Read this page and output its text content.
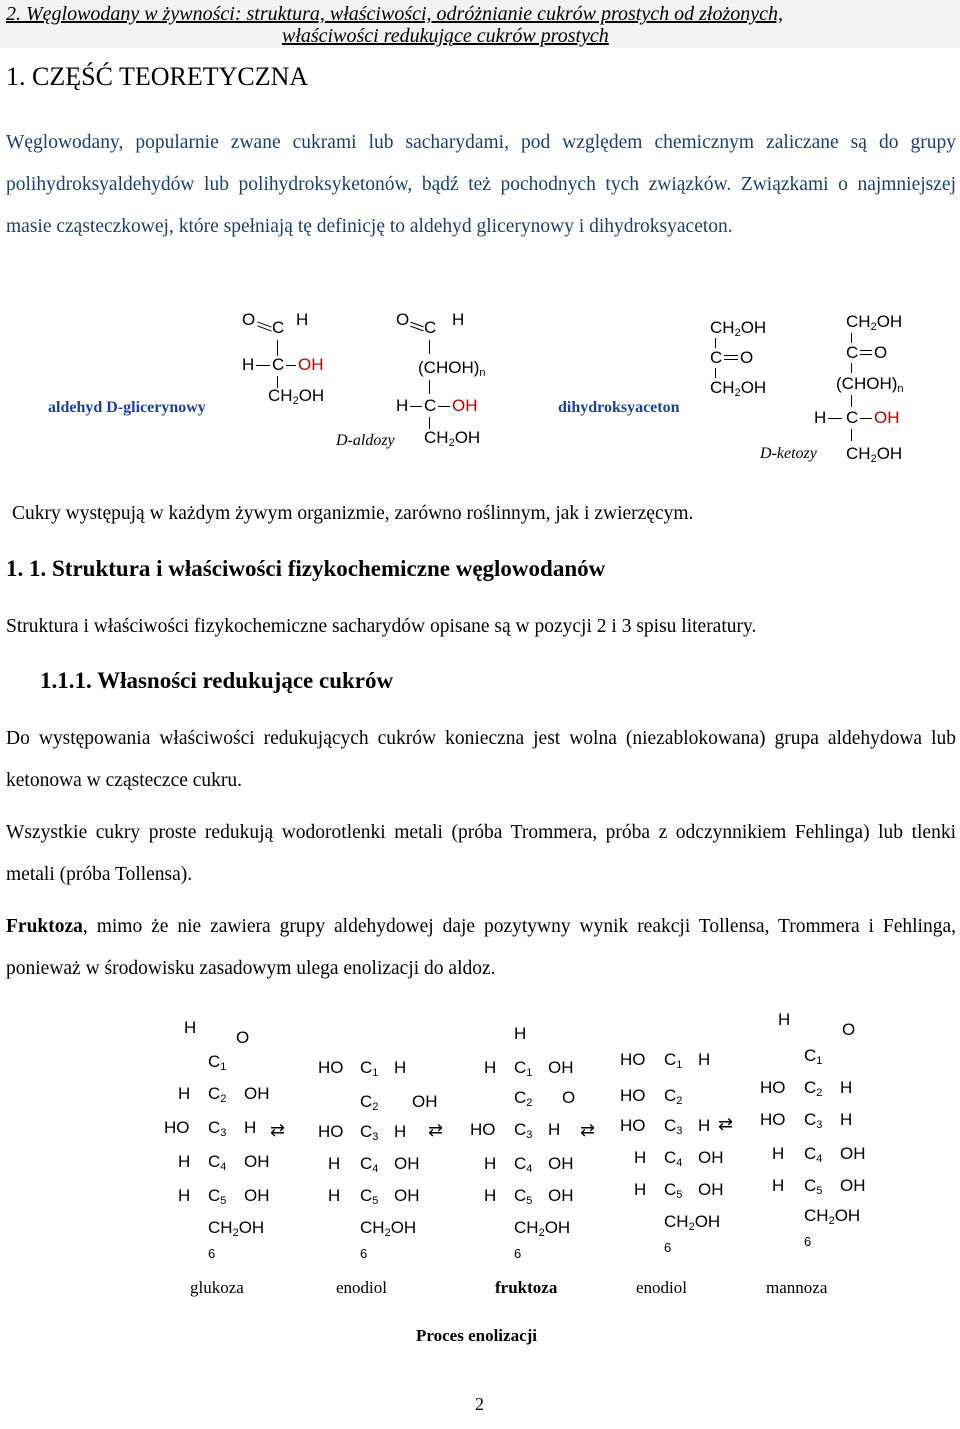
2. Węglowodany w żywności: struktura, właściwości, odróżnianie cukrów prostych od złożonych,
właściwości redukujące cukrów prostych
1. CZĘŚĆ TEORETYCZNA
Węglowodany, popularnie zwane cukrami lub sacharydami, pod względem chemicznym zaliczane są do grupy polihydroksyaldehydów lub polihydroksyketonów, bądź też pochodnych tych związków. Związkami o najmniejszej masie cząsteczkowej, które spełniają tę definicję to aldehyd glicerynowy i dihydroksyaceton.
O C H
H C OH
$CH_2OH$
aldehyd D-glicerynowy
O C H
$(CHOH)_n$
H C OH
$CH_2OH$
D-aldozy
dihydroksyaceton
$CH_2OH$
C O
$CH_2OH$
$CH_2OH$
C O
$(CHOH)_n$
H C OH
$CH_2OH$
D-ketozy
Cukry występują w każdym żywym organizmie, zarówno roślinnym, jak i zwierzęcym.
1. 1. Struktura i właściwości fizykochemiczne węglowodanów
Struktura i właściwości fizykochemiczne sacharydów opisane są w pozycji 2 i 3 spisu literatury.
1.1.1. Własności redukujące cukrów
Do występowania właściwości redukujących cukrów konieczna jest wolna (niezablokowana) grupa aldehydowa lub ketonowa w cząsteczce cukru.
Wszystkie cukry proste redukują wodorotlenki metali (próba Trommera, próba z odczynnikiem Fehlinga) lub tlenki metali (próba Tollensa).
Fruktoza, mimo że nie zawiera grupy aldehydowej daje pozytywny wynik reakcji Tollensa, Trommera i Fehlinga, ponieważ w środowisku zasadowym ulega enolizacji do aldoz.
H
O
$C_1$
H $C_2$ OH
HO $C_3$ H
H $C_4$ OH
H $C_5$ OH
$CH_2OH$
6
⇄
HO $C_1$ H
$C_2$ OH
HO $C_3$ H
H $C_4$ OH
H $C_5$ OH
$CH_2OH$
6
⇄
H
H $C_1$ OH
$C_2$ O
HO $C_3$ H
H $C_4$ OH
H $C_5$ OH
$CH_2OH$
6
⇄
HO $C_1$ H
HO $C_2$
HO $C_3$ H
H $C_4$ OH
H $C_5$ OH
$CH_2OH$
6
⇄
H
O
$C_1$
HO $C_2$ H
HO $C_3$ H
H $C_4$ OH
H $C_5$ OH
$CH_2OH$
6
glukoza	enodiol	fruktoza	enodiol	mannoza
Proces enolizacji
2
